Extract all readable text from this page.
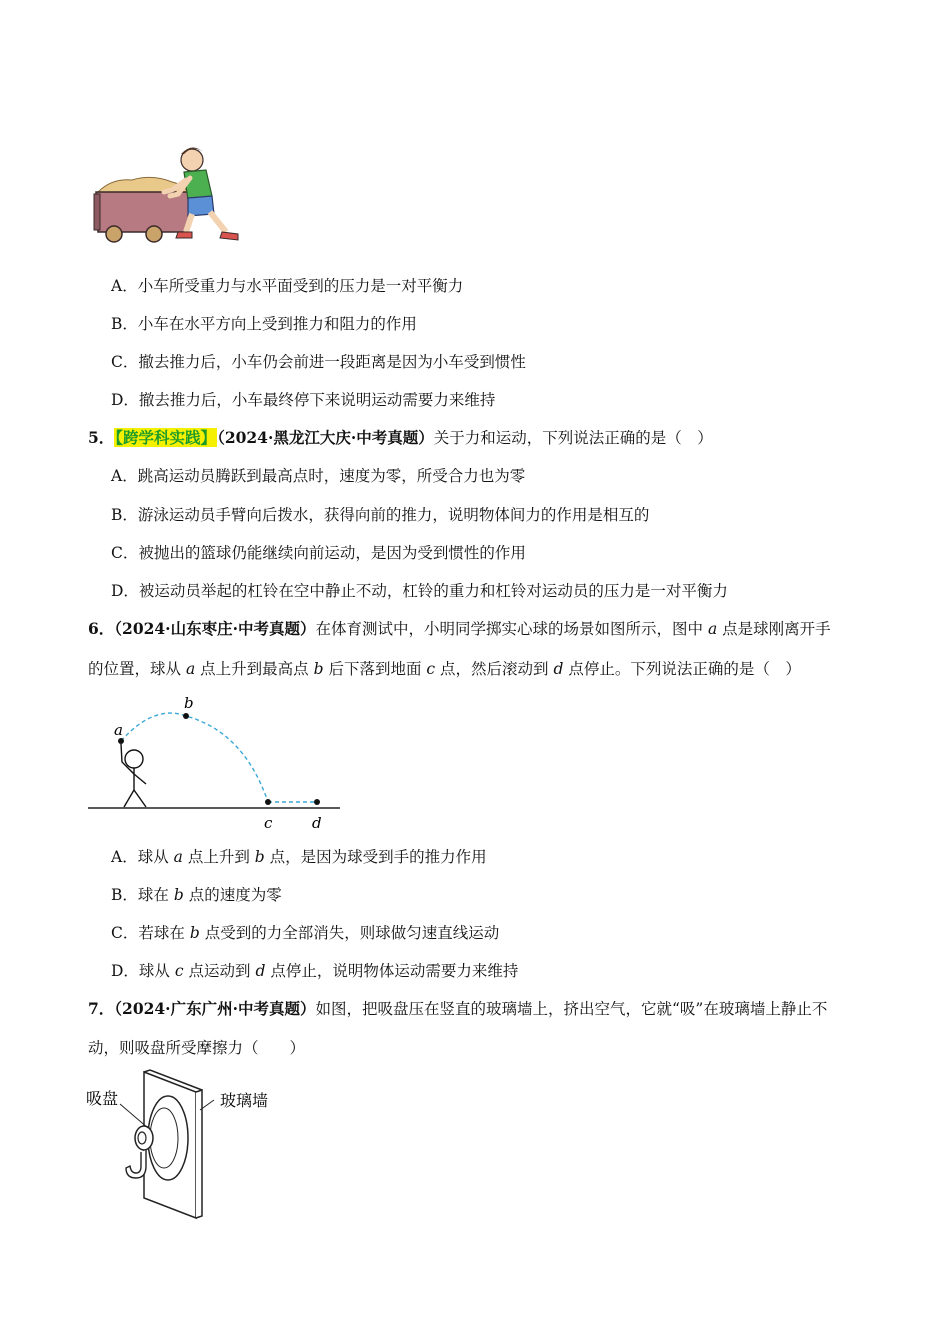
A．小车所受重力与水平面受到的压力是一对平衡力
B．小车在水平方向上受到推力和阻力的作用
C．撤去推力后，小车仍会前进一段距离是因为小车受到惯性
D．撤去推力后，小车最终停下来说明运动需要力来维持
5．【跨学科实践】（2024·黑龙江大庆·中考真题）关于力和运动，下列说法正确的是（　）
A．跳高运动员腾跃到最高点时，速度为零，所受合力也为零
B．游泳运动员手臂向后拨水，获得向前的推力，说明物体间力的作用是相互的
C．被抛出的篮球仍能继续向前运动，是因为受到惯性的作用
D．被运动员举起的杠铃在空中静止不动，杠铃的重力和杠铃对运动员的压力是一对平衡力
6．（2024·山东枣庄·中考真题）在体育测试中，小明同学掷实心球的场景如图所示，图中 a 点是球刚离开手
的位置，球从 a 点上升到最高点 b 后下落到地面 c 点，然后滚动到 d 点停止。下列说法正确的是（　）
a
b
c	d
A．球从 a 点上升到 b 点，是因为球受到手的推力作用
B．球在 b 点的速度为零
C．若球在 b 点受到的力全部消失，则球做匀速直线运动
D．球从 c 点运动到 d 点停止，说明物体运动需要力来维持
7．（2024·广东广州·中考真题）如图，把吸盘压在竖直的玻璃墙上，挤出空气，它就“吸”在玻璃墙上静止不
动，则吸盘所受摩擦力（　　）
吸盘	玻璃墙
